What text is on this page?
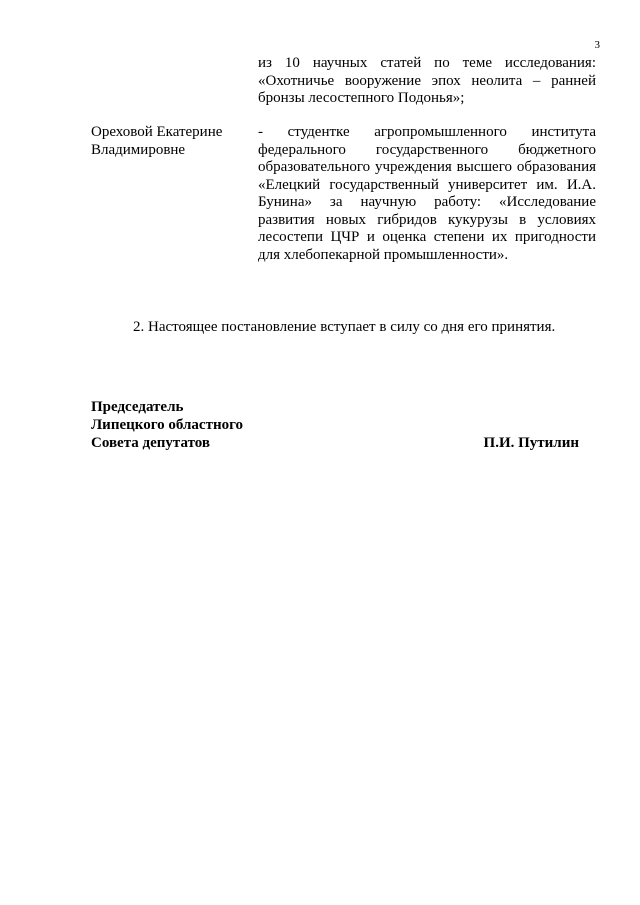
3
из 10 научных статей по теме исследования:
«Охотничье вооружение эпох неолита – ранней
бронзы лесостепного Подонья»;
Ореховой Екатерине
Владимировне
- студентке агропромышленного института
федерального государственного бюджетного
образовательного учреждения высшего образования
«Елецкий государственный университет им. И.А.
Бунина» за научную работу: «Исследование
развития новых гибридов кукурузы в условиях
лесостепи ЦЧР и оценка степени их пригодности
для хлебопекарной промышленности».
2. Настоящее постановление вступает в силу со дня его принятия.
Председатель
Липецкого областного
Совета депутатов	П.И. Путилин
